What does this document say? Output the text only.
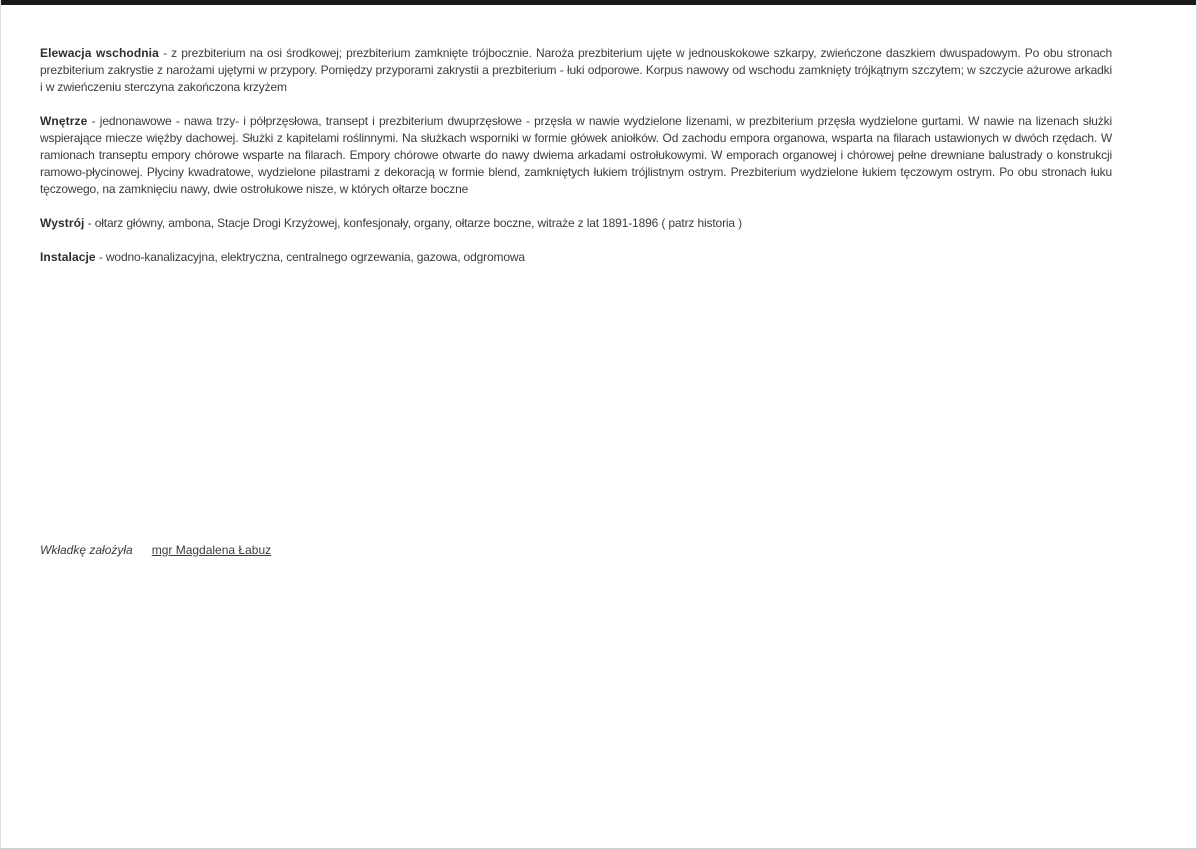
Elewacja wschodnia - z prezbiterium na osi środkowej; prezbiterium zamknięte trójbocznie. Naroża prezbiterium ujęte w jednouskokowe szkarpy, zwieńczone daszkiem dwuspadowym. Po obu stronach prezbiterium zakrystie z narożami ujętymi w przypory. Pomiędzy przyporami zakrystii a prezbiterium - łuki odporowe. Korpus nawowy od wschodu zamknięty trójkątnym szczytem; w szczycie ażurowe arkadki i w zwieńczeniu sterczyna zakończona krzyżem

Wnętrze - jednonawowe - nawa trzy- i półprzęsłowa, transept i prezbiterium dwuprzęsłowe - przęsła w nawie wydzielone lizenami, w prezbiterium przęsła wydzielone gurtami. W nawie na lizenach służki wspierające miecze więźby dachowej. Służki z kapitelami roślinnymi. Na służkach wsporniki w formie główek aniołków. Od zachodu empora organowa, wsparta na filarach ustawionych w dwóch rzędach. W ramionach transeptu empory chórowe wsparte na filarach. Empory chórowe otwarte do nawy dwiema arkadami ostrołukowymi. W emporach organowej i chórowej pełne drewniane balustrady o konstrukcji ramowo-płycinowej. Płyciny kwadratowe, wydzielone pilastrami z dekoracją w formie blend, zamkniętych łukiem trójlistnym ostrym. Prezbiterium wydzielone łukiem tęczowym ostrym. Po obu stronach łuku tęczowego, na zamknięciu nawy, dwie ostrołukowe nisze, w których ołtarze boczne

Wystrój - ołtarz główny, ambona, Stacje Drogi Krzyżowej, konfesjonały, organy, ołtarze boczne, witraże z lat 1891-1896 ( patrz historia )

Instalacje - wodno-kanalizacyjna, elektryczna, centralnego ogrzewania, gazowa, odgromowa

Wkładkę założyła mgr Magdalena Łabuz
